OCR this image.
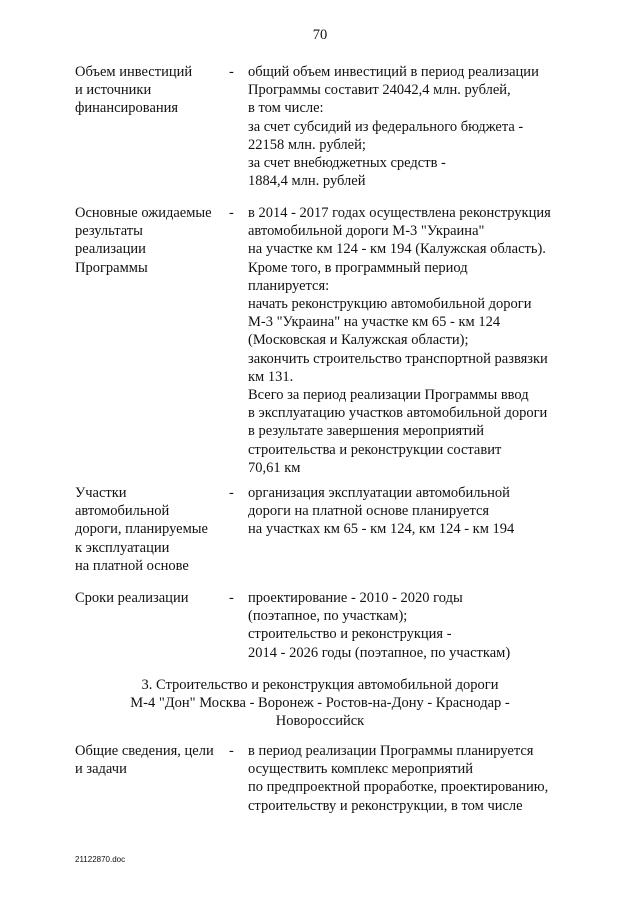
70
Объем инвестиций
и источники
финансирования
- общий объем инвестиций в период реализации
Программы составит 24042,4 млн. рублей,
в том числе:
за счет субсидий из федерального бюджета -
22158 млн. рублей;
за счет внебюджетных средств -
1884,4 млн. рублей
Основные ожидаемые
результаты
реализации
Программы
- в 2014 - 2017 годах осуществлена реконструкция
автомобильной дороги М-3 "Украина"
на участке км 124 - км 194 (Калужская область).
Кроме того, в программный период
планируется:
начать реконструкцию автомобильной дороги
М-3 "Украина" на участке км 65 - км 124
(Московская и Калужская области);
закончить строительство транспортной развязки
км 131.
Всего за период реализации Программы ввод
в эксплуатацию участков автомобильной дороги
в результате завершения мероприятий
строительства и реконструкции составит
70,61 км
Участки
автомобильной
дороги, планируемые
к эксплуатации
на платной основе
- организация эксплуатации автомобильной
дороги на платной основе планируется
на участках км 65 - км 124, км 124 - км 194
Сроки реализации	- проектирование - 2010 - 2020 годы
(поэтапное, по участкам);
строительство и реконструкция -
2014 - 2026 годы (поэтапное, по участкам)
3. Строительство и реконструкция автомобильной дороги
М-4 "Дон" Москва - Воронеж - Ростов-на-Дону - Краснодар -
Новороссийск
Общие сведения, цели
и задачи
- в период реализации Программы планируется
осуществить комплекс мероприятий
по предпроектной проработке, проектированию,
строительству и реконструкции, в том числе
21122870.doc
